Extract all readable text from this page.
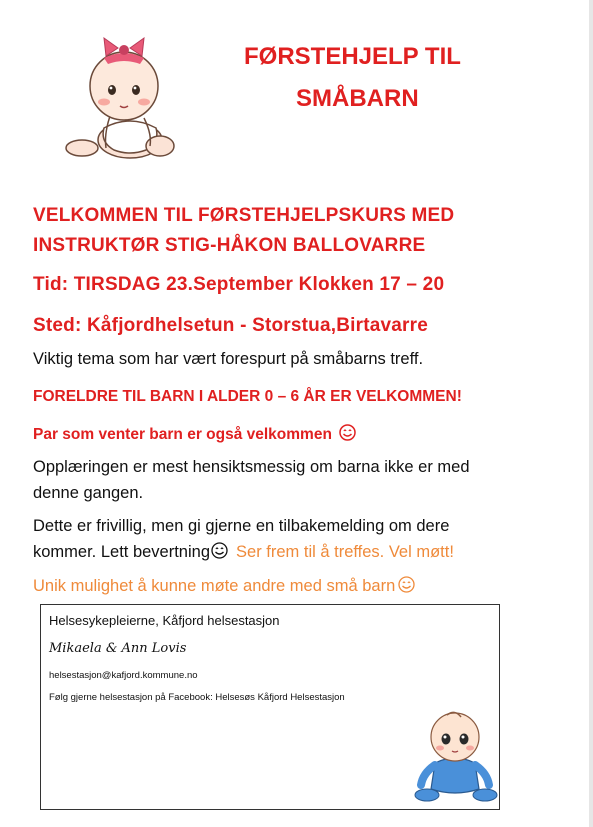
FØRSTEHJELP TIL
SMÅBARN
VELKOMMEN TIL FØRSTEHJELPSKURS MED
INSTRUKTØR STIG-HÅKON BALLOVARRE
Tid: TIRSDAG 23.September Klokken 17 – 20
Sted: Kåfjordhelsetun - Storstua,Birtavarre
Viktig tema som har vært forespurt på småbarns treff.
FORELDRE TIL BARN I ALDER 0 – 6 ÅR ER VELKOMMEN!
Par som venter barn er også velkommen
Opplæringen er mest hensiktsmessig om barna ikke er med
denne gangen.
Dette er frivillig, men gi gjerne en tilbakemelding om dere
kommer. Lett bevertning Ser frem til å treffes. Vel møtt!
Unik mulighet å kunne møte andre med små barn
Helsesykepleierne, Kåfjord helsestasjon
Mikaela & Ann Lovis
helsestasjon@kafjord.kommune.no
Følg gjerne helsestasjon på Facebook: Helsesøs Kåfjord Helsestasjon
